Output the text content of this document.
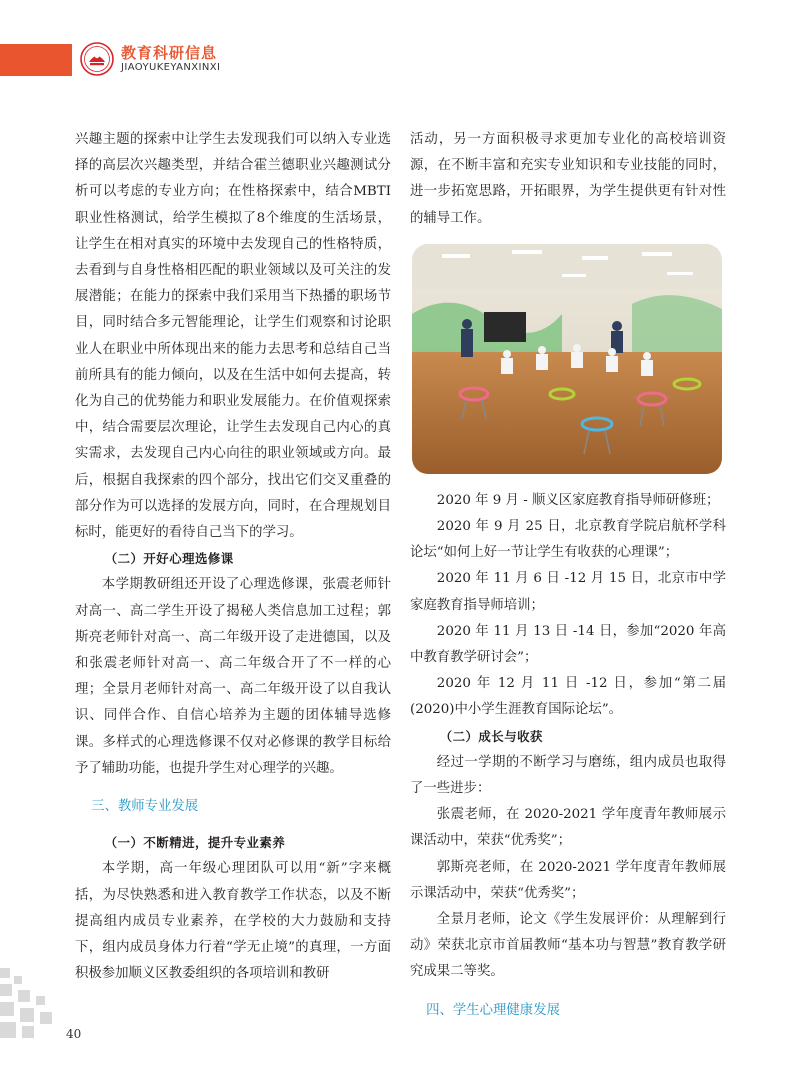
教育科研信息
JIAOYUKEYANXINXI

兴趣主题的探索中让学生去发现我们可以纳入专业选择的高层次兴趣类型，并结合霍兰德职业兴趣测试分析可以考虑的专业方向；在性格探索中，结合MBTI职业性格测试，给学生模拟了8个维度的生活场景，让学生在相对真实的环境中去发现自己的性格特质，去看到与自身性格相匹配的职业领域以及可关注的发展潜能；在能力的探索中我们采用当下热播的职场节目，同时结合多元智能理论，让学生们观察和讨论职业人在职业中所体现出来的能力去思考和总结自己当前所具有的能力倾向，以及在生活中如何去提高，转化为自己的优势能力和职业发展能力。在价值观探索中，结合需要层次理论，让学生去发现自己内心的真实需求，去发现自己内心向往的职业领域或方向。最后，根据自我探索的四个部分，找出它们交叉重叠的部分作为可以选择的发展方向，同时，在合理规划目标时，能更好的看待自己当下的学习。

（二）开好心理选修课

本学期教研组还开设了心理选修课，张震老师针对高一、高二学生开设了揭秘人类信息加工过程；郭斯亮老师针对高一、高二年级开设了走进德国，以及和张震老师针对高一、高二年级合开了不一样的心理；全景月老师针对高一、高二年级开设了以自我认识、同伴合作、自信心培养为主题的团体辅导选修课。多样式的心理选修课不仅对必修课的教学目标给予了辅助功能，也提升学生对心理学的兴趣。

三、教师专业发展

（一）不断精进，提升专业素养

本学期，高一年级心理团队可以用“新”字来概括，为尽快熟悉和进入教育教学工作状态，以及不断提高组内成员专业素养，在学校的大力鼓励和支持下，组内成员身体力行着“学无止境”的真理，一方面积极参加顺义区教委组织的各项培训和教研

活动，另一方面积极寻求更加专业化的高校培训资源，在不断丰富和充实专业知识和专业技能的同时，进一步拓宽思路，开拓眼界，为学生提供更有针对性的辅导工作。

2020 年 9 月 - 顺义区家庭教育指导师研修班；

2020 年 9 月 25 日，北京教育学院启航杯学科论坛“如何上好一节让学生有收获的心理课”；

2020 年 11 月 6 日 -12 月 15 日，北京市中学家庭教育指导师培训；

2020 年 11 月 13 日 -14 日，参加“2020 年高中教育教学研讨会”；

2020 年 12 月 11 日 -12 日，参加“第二届 (2020)中小学生涯教育国际论坛”。

（二）成长与收获

经过一学期的不断学习与磨练，组内成员也取得了一些进步：

张震老师，在 2020-2021 学年度青年教师展示课活动中，荣获“优秀奖”；

郭斯亮老师，在 2020-2021 学年度青年教师展示课活动中，荣获“优秀奖”；

全景月老师，论文《学生发展评价：从理解到行动》荣获北京市首届教师“基本功与智慧”教育教学研究成果二等奖。

四、学生心理健康发展

40
